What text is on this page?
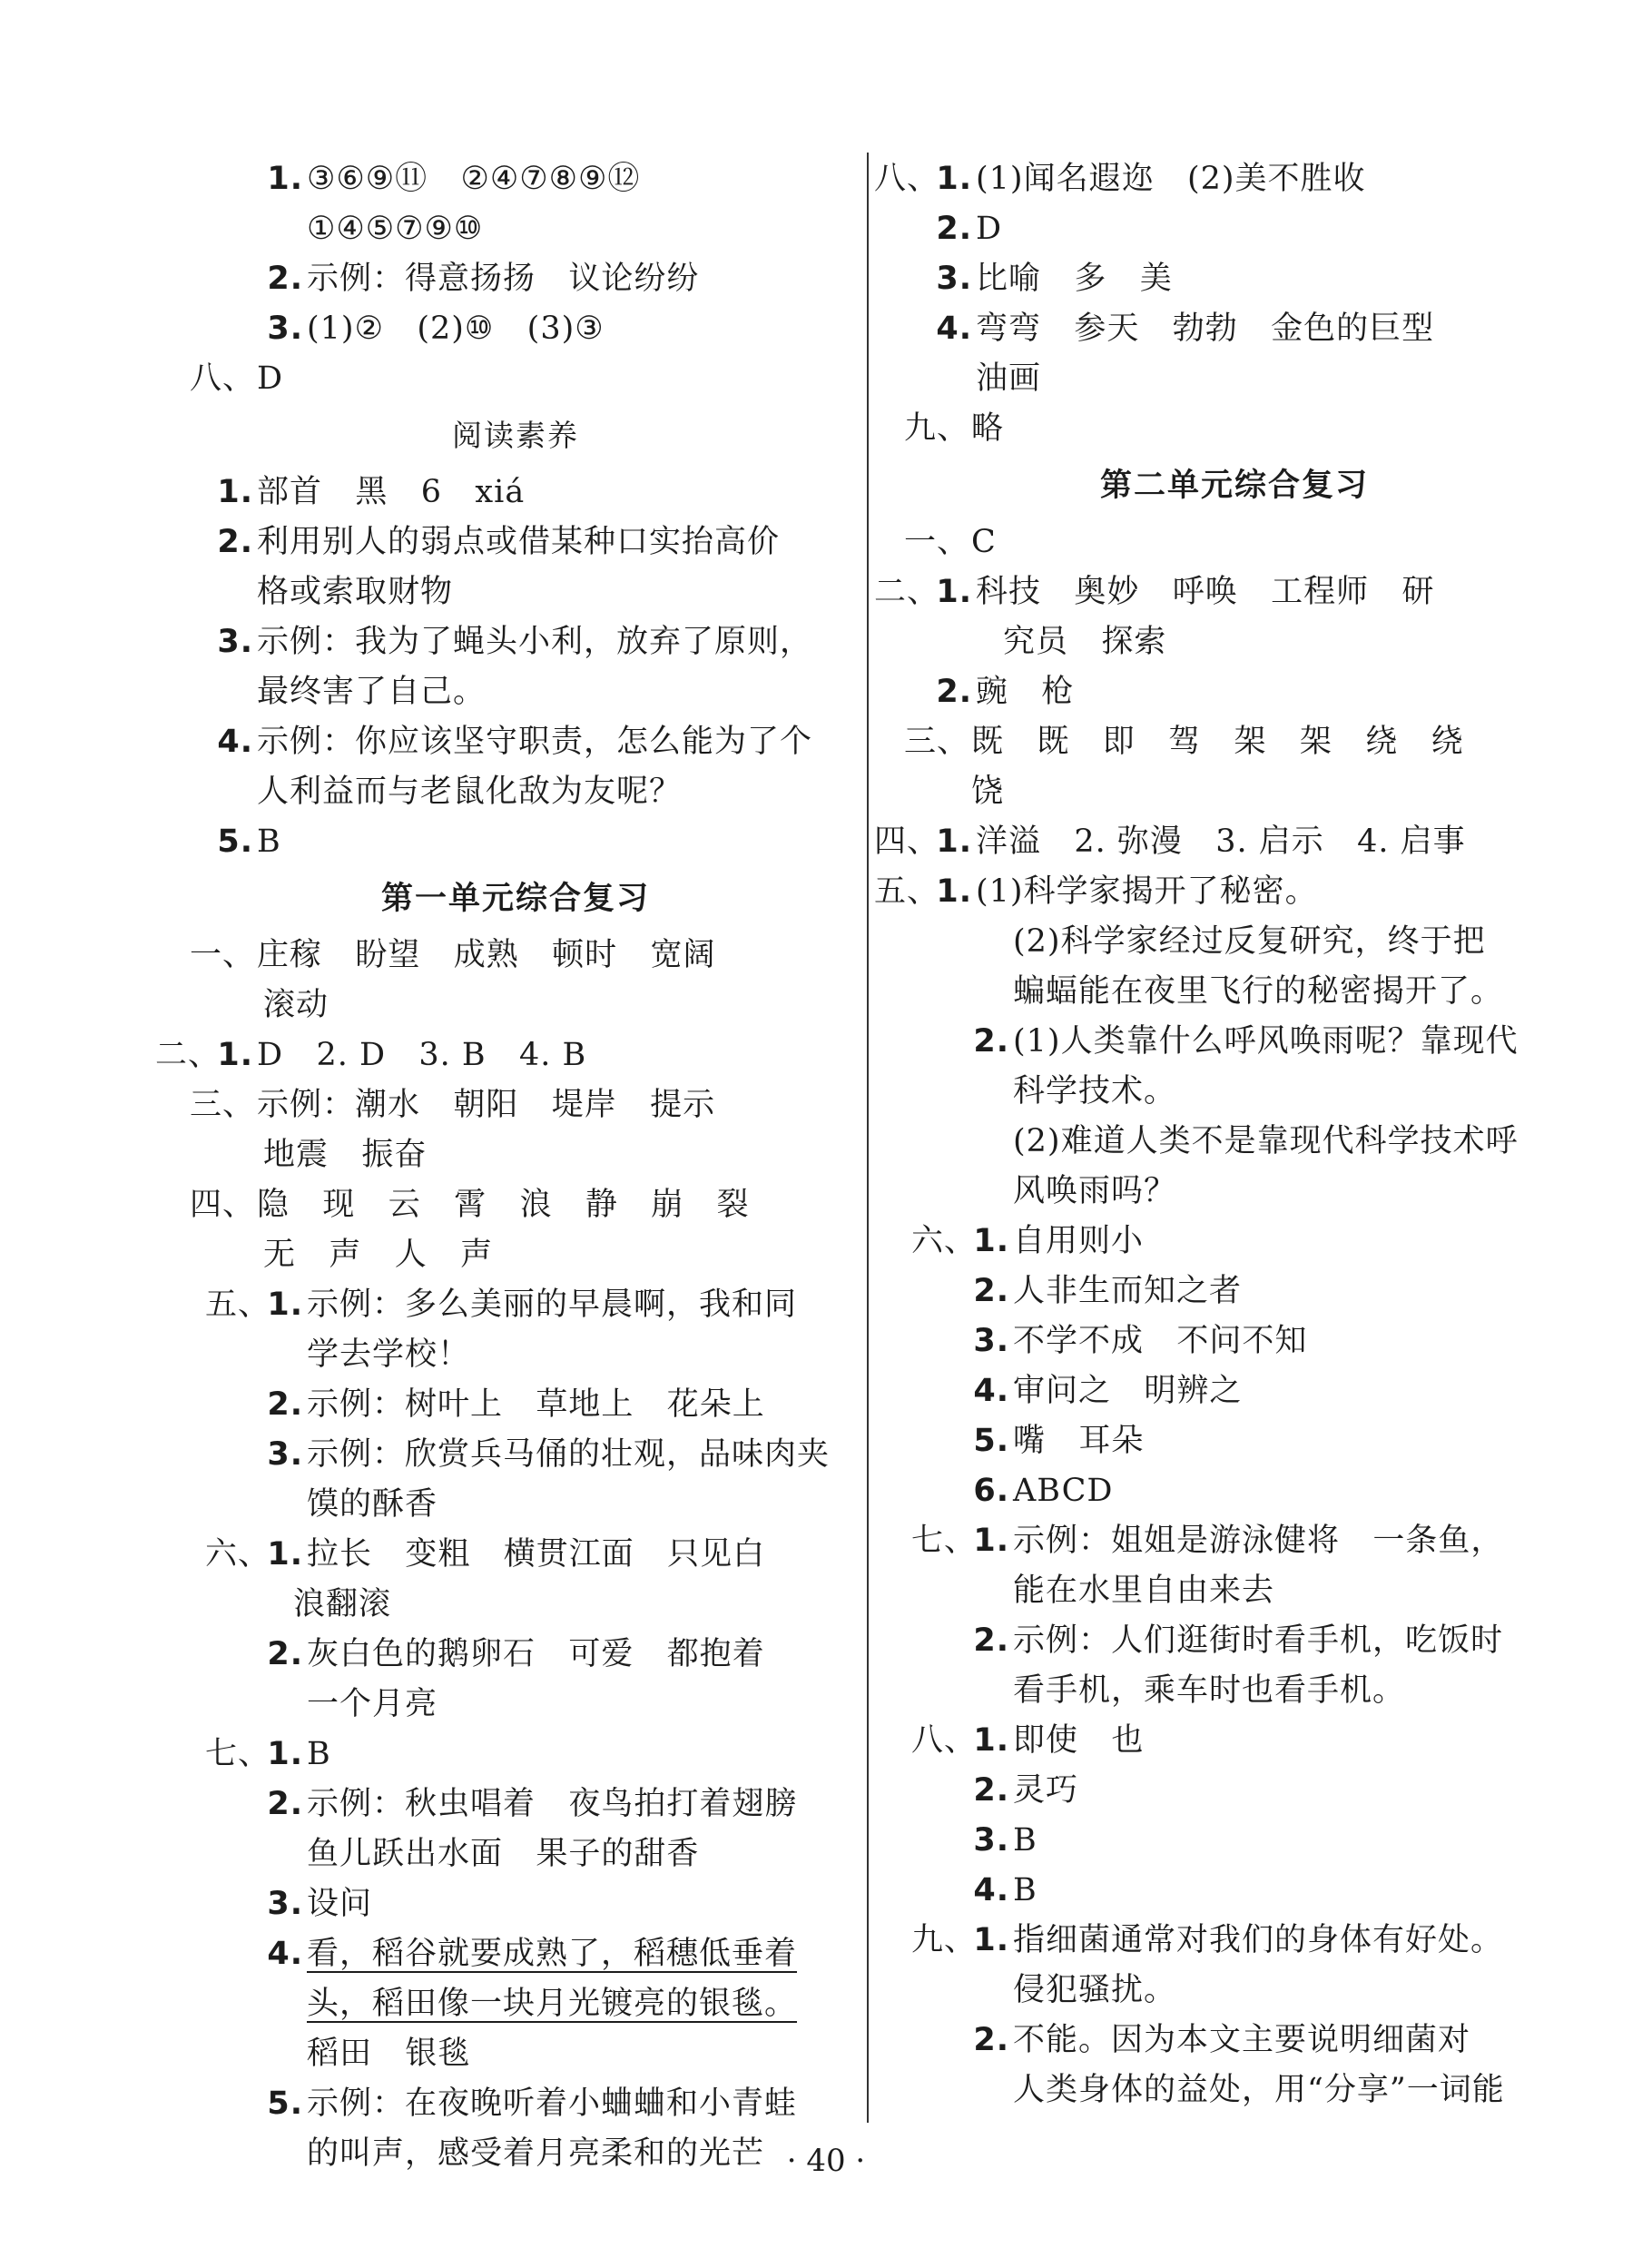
1. ③⑥⑨⑪   ②④⑦⑧⑨⑫
①④⑤⑦⑨⑩
2. 示例：得意扬扬   议论纷纷
3. (1)②   (2)⑩   (3)③
八、 D
阅读素养
1. 部首   黑   6   xiá
2. 利用别人的弱点或借某种口实抬高价
格或索取财物
3. 示例：我为了蝇头小利，放弃了原则，
最终害了自己。
4. 示例：你应该坚守职责，怎么能为了个
人利益而与老鼠化敌为友呢？
5. B
第一单元综合复习
一、 庄稼   盼望   成熟   顿时   宽阔
滚动
二、
1. D   2. D   3. B   4. B
三、 示例：潮水   朝阳   堤岸   提示
地震   振奋
四、 隐   现   云   霄   浪   静   崩   裂
无   声   人   声
五、
1. 示例：多么美丽的早晨啊，我和同
学去学校！
2. 示例：树叶上   草地上   花朵上
3. 示例：欣赏兵马俑的壮观，品味肉夹
馍的酥香
六、
1. 拉长   变粗   横贯江面   只见白
浪翻滚
2. 灰白色的鹅卵石   可爱   都抱着
一个月亮
七、
1. B
2. 示例：秋虫唱着   夜鸟拍打着翅膀
鱼儿跃出水面   果子的甜香
3. 设问
4. 看，稻谷就要成熟了，稻穗低垂着
头，稻田像一块月光镀亮的银毯。
稻田   银毯
5. 示例：在夜晚听着小蛐蛐和小青蛙
的叫声，感受着月亮柔和的光芒
八、
1. (1)闻名遐迩   (2)美不胜收
2. D
3. 比喻   多   美
4. 弯弯   参天   勃勃   金色的巨型
油画
九、 略
第二单元综合复习
一、 C
二、
1. 科技   奥妙   呼唤   工程师   研
究员   探索
2. 豌   枪
三、 既   既   即   驾   架   架   绕   绕
饶
四、
1. 洋溢   2. 弥漫   3. 启示   4. 启事
五、
1. (1)科学家揭开了秘密。
(2)科学家经过反复研究，终于把
蝙蝠能在夜里飞行的秘密揭开了。
2. (1)人类靠什么呼风唤雨呢？靠现代
科学技术。
(2)难道人类不是靠现代科学技术呼
风唤雨吗？
六、
1. 自用则小
2. 人非生而知之者
3. 不学不成   不问不知
4. 审问之   明辨之
5. 嘴   耳朵
6. ABCD
七、
1. 示例：姐姐是游泳健将   一条鱼，
能在水里自由来去
2. 示例：人们逛街时看手机，吃饭时
看手机，乘车时也看手机。
八、
1. 即使   也
2. 灵巧
3. B
4. B
九、
1. 指细菌通常对我们的身体有好处。
侵犯骚扰。
2. 不能。因为本文主要说明细菌对
人类身体的益处，用“分享”一词能
· 40 ·
